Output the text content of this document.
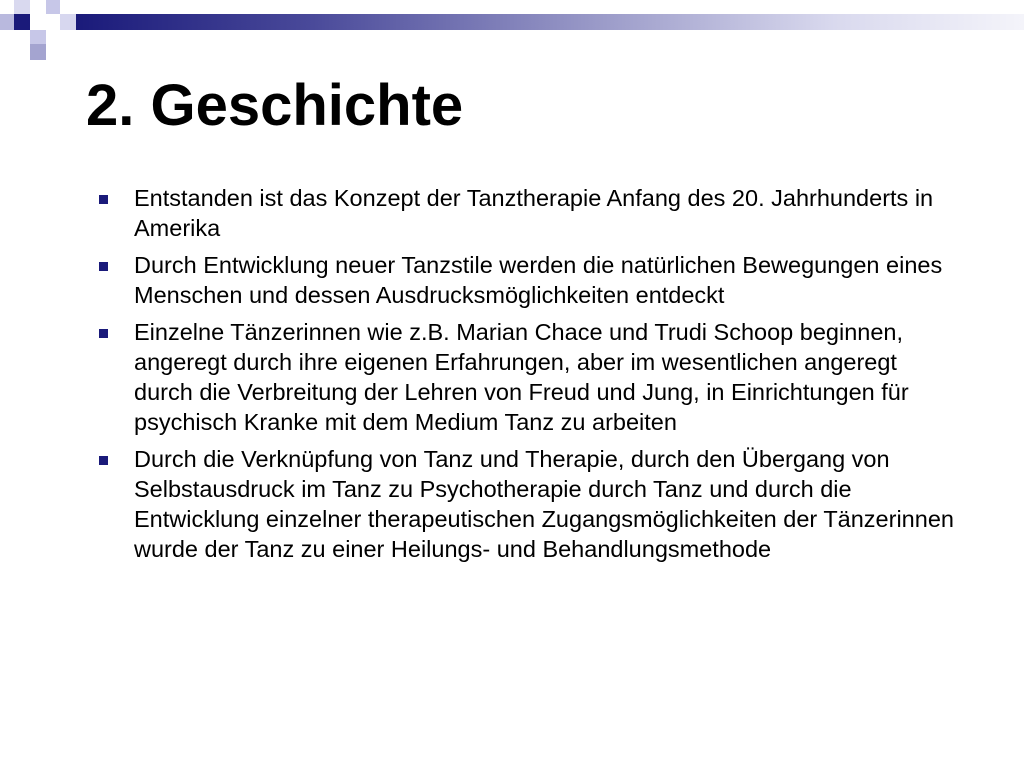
2. Geschichte
Entstanden ist das Konzept der Tanztherapie Anfang des 20. Jahrhunderts in Amerika
Durch Entwicklung neuer Tanzstile werden die natürlichen Bewegungen eines Menschen und dessen Ausdrucksmöglichkeiten entdeckt
Einzelne Tänzerinnen wie z.B. Marian Chace und Trudi Schoop beginnen, angeregt durch ihre eigenen Erfahrungen, aber im wesentlichen angeregt durch die Verbreitung der Lehren von Freud und Jung, in Einrichtungen für psychisch Kranke mit dem Medium Tanz zu arbeiten
Durch die Verknüpfung von Tanz und Therapie, durch den Übergang von Selbstausdruck im Tanz zu Psychotherapie durch Tanz und durch die Entwicklung einzelner therapeutischen Zugangsmöglichkeiten der Tänzerinnen wurde der Tanz zu einer Heilungs- und Behandlungsmethode
